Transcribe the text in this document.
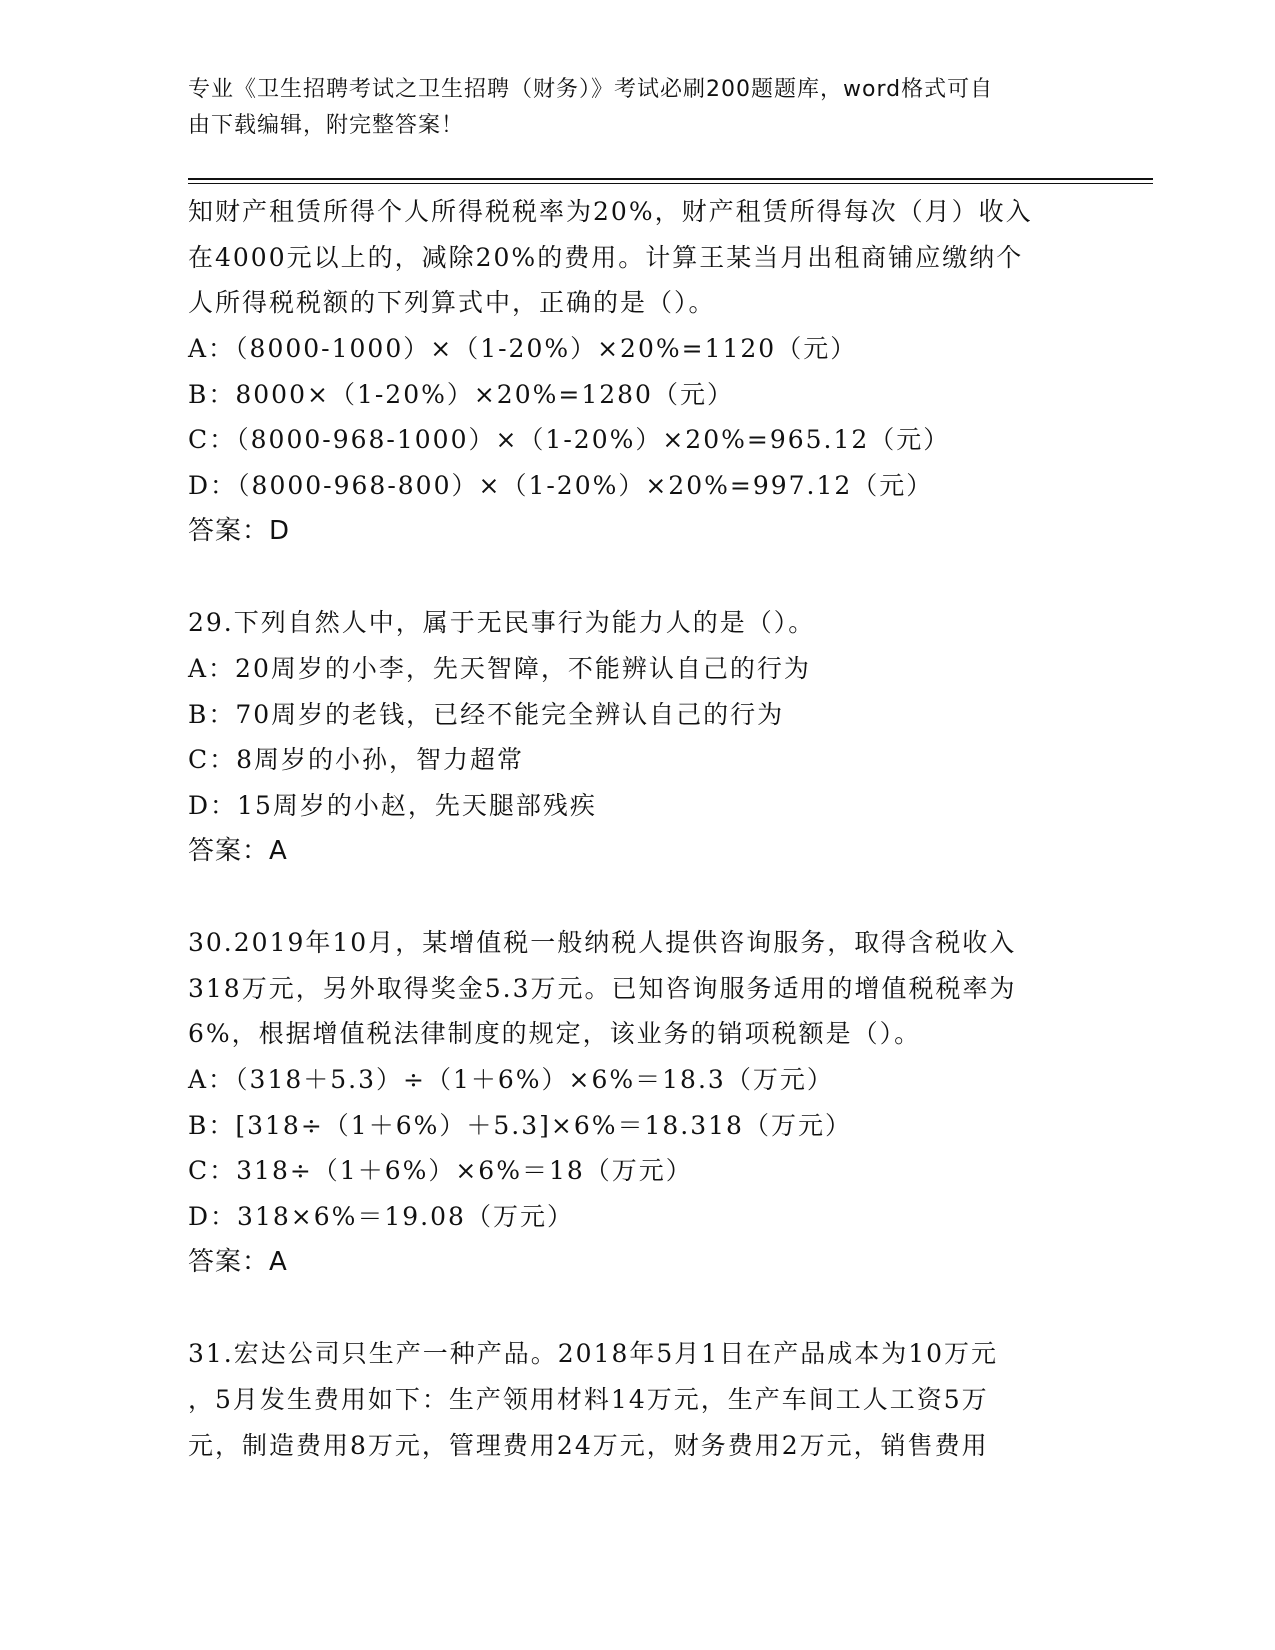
专业《卫生招聘考试之卫生招聘（财务）》考试必刷200题题库，word格式可自
由下载编辑，附完整答案！
知财产租赁所得个人所得税税率为20%，财产租赁所得每次（月）收入
在4000元以上的，减除20%的费用。计算王某当月出租商铺应缴纳个
人所得税税额的下列算式中，正确的是（）。
A：（8000-1000）×（1-20%）×20%=1120（元）
B：8000×（1-20%）×20%=1280（元）
C：（8000-968-1000）×（1-20%）×20%=965.12（元）
D：（8000-968-800）×（1-20%）×20%=997.12（元）
答案：D
29.下列自然人中，属于无民事行为能力人的是（）。
A：20周岁的小李，先天智障，不能辨认自己的行为
B：70周岁的老钱，已经不能完全辨认自己的行为
C：8周岁的小孙，智力超常
D：15周岁的小赵，先天腿部残疾
答案：A
30.2019年10月，某增值税一般纳税人提供咨询服务，取得含税收入
318万元，另外取得奖金5.3万元。已知咨询服务适用的增值税税率为
6%，根据增值税法律制度的规定，该业务的销项税额是（）。
A：（318＋5.3）÷（1＋6%）×6%＝18.3（万元）
B：[318÷（1＋6%）＋5.3]×6%＝18.318（万元）
C：318÷（1＋6%）×6%＝18（万元）
D：318×6%＝19.08（万元）
答案：A
31.宏达公司只生产一种产品。2018年5月1日在产品成本为10万元
，5月发生费用如下：生产领用材料14万元，生产车间工人工资5万
元，制造费用8万元，管理费用24万元，财务费用2万元，销售费用
